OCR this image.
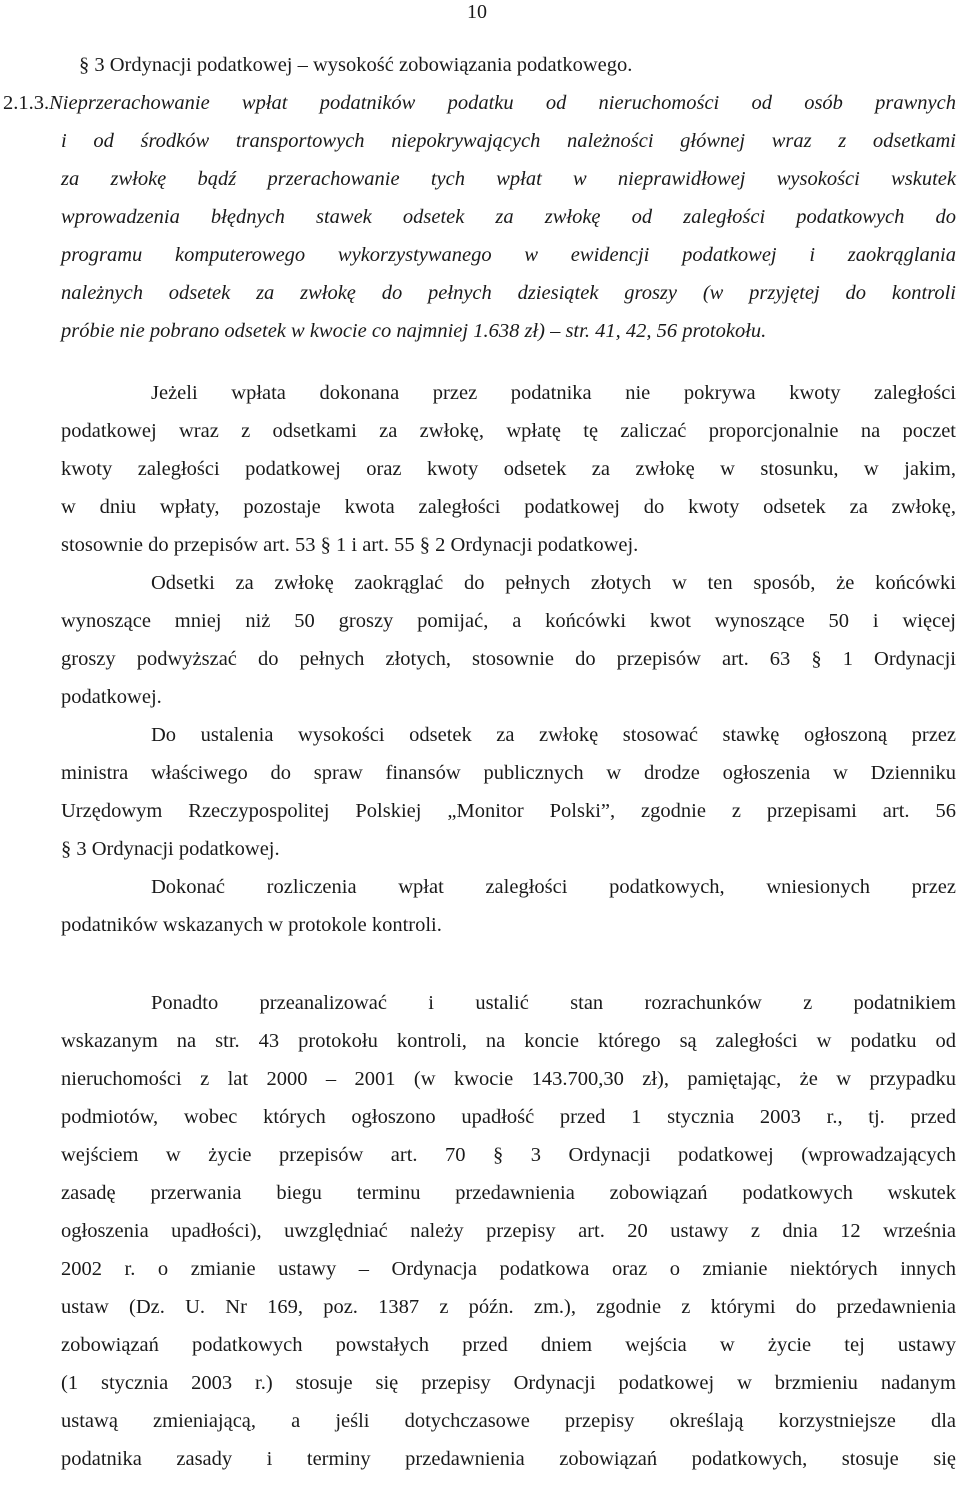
10
§ 3 Ordynacji podatkowej – wysokość zobowiązania podatkowego.
2.1.3.Nieprzerachowanie wpłat podatników podatku od nieruchomości od osób prawnych
i od środków transportowych niepokrywających należności głównej wraz z odsetkami
za zwłokę bądź przerachowanie tych wpłat w nieprawidłowej wysokości wskutek
wprowadzenia błędnych stawek odsetek za zwłokę od zaległości podatkowych do
programu komputerowego wykorzystywanego w ewidencji podatkowej i zaokrąglania
należnych odsetek za zwłokę do pełnych dziesiątek groszy (w przyjętej do kontroli
próbie nie pobrano odsetek w kwocie co najmniej 1.638 zł) – str. 41, 42, 56 protokołu.
Jeżeli wpłata dokonana przez podatnika nie pokrywa kwoty zaległości
podatkowej wraz z odsetkami za zwłokę, wpłatę tę zaliczać proporcjonalnie na poczet
kwoty zaległości podatkowej oraz kwoty odsetek za zwłokę w stosunku, w jakim,
w dniu wpłaty, pozostaje kwota zaległości podatkowej do kwoty odsetek za zwłokę,
stosownie do przepisów art. 53 § 1 i art. 55 § 2 Ordynacji podatkowej.
Odsetki za zwłokę zaokrąglać do pełnych złotych w ten sposób, że końcówki
wynoszące mniej niż 50 groszy pomijać, a końcówki kwot wynoszące 50 i więcej
groszy podwyższać do pełnych złotych, stosownie do przepisów art. 63 § 1 Ordynacji
podatkowej.
Do ustalenia wysokości odsetek za zwłokę stosować stawkę ogłoszoną przez
ministra właściwego do spraw finansów publicznych w drodze ogłoszenia w Dzienniku
Urzędowym Rzeczypospolitej Polskiej „Monitor Polski”, zgodnie z przepisami art. 56
§ 3 Ordynacji podatkowej.
Dokonać rozliczenia wpłat zaległości podatkowych, wniesionych przez
podatników wskazanych w protokole kontroli.
Ponadto przeanalizować i ustalić stan rozrachunków z podatnikiem
wskazanym na str. 43 protokołu kontroli, na koncie którego są zaległości w podatku od
nieruchomości z lat 2000 – 2001 (w kwocie 143.700,30 zł), pamiętając, że w przypadku
podmiotów, wobec których ogłoszono upadłość przed 1 stycznia 2003 r., tj. przed
wejściem w życie przepisów art. 70 § 3 Ordynacji podatkowej (wprowadzających
zasadę przerwania biegu terminu przedawnienia zobowiązań podatkowych wskutek
ogłoszenia upadłości), uwzględniać należy przepisy art. 20 ustawy z dnia 12 września
2002 r. o zmianie ustawy – Ordynacja podatkowa oraz o zmianie niektórych innych
ustaw (Dz. U. Nr 169, poz. 1387 z późn. zm.), zgodnie z którymi do przedawnienia
zobowiązań podatkowych powstałych przed dniem wejścia w życie tej ustawy
(1 stycznia 2003 r.) stosuje się przepisy Ordynacji podatkowej w brzmieniu nadanym
ustawą zmieniającą, a jeśli dotychczasowe przepisy określają korzystniejsze dla
podatnika zasady i terminy przedawnienia zobowiązań podatkowych, stosuje się
